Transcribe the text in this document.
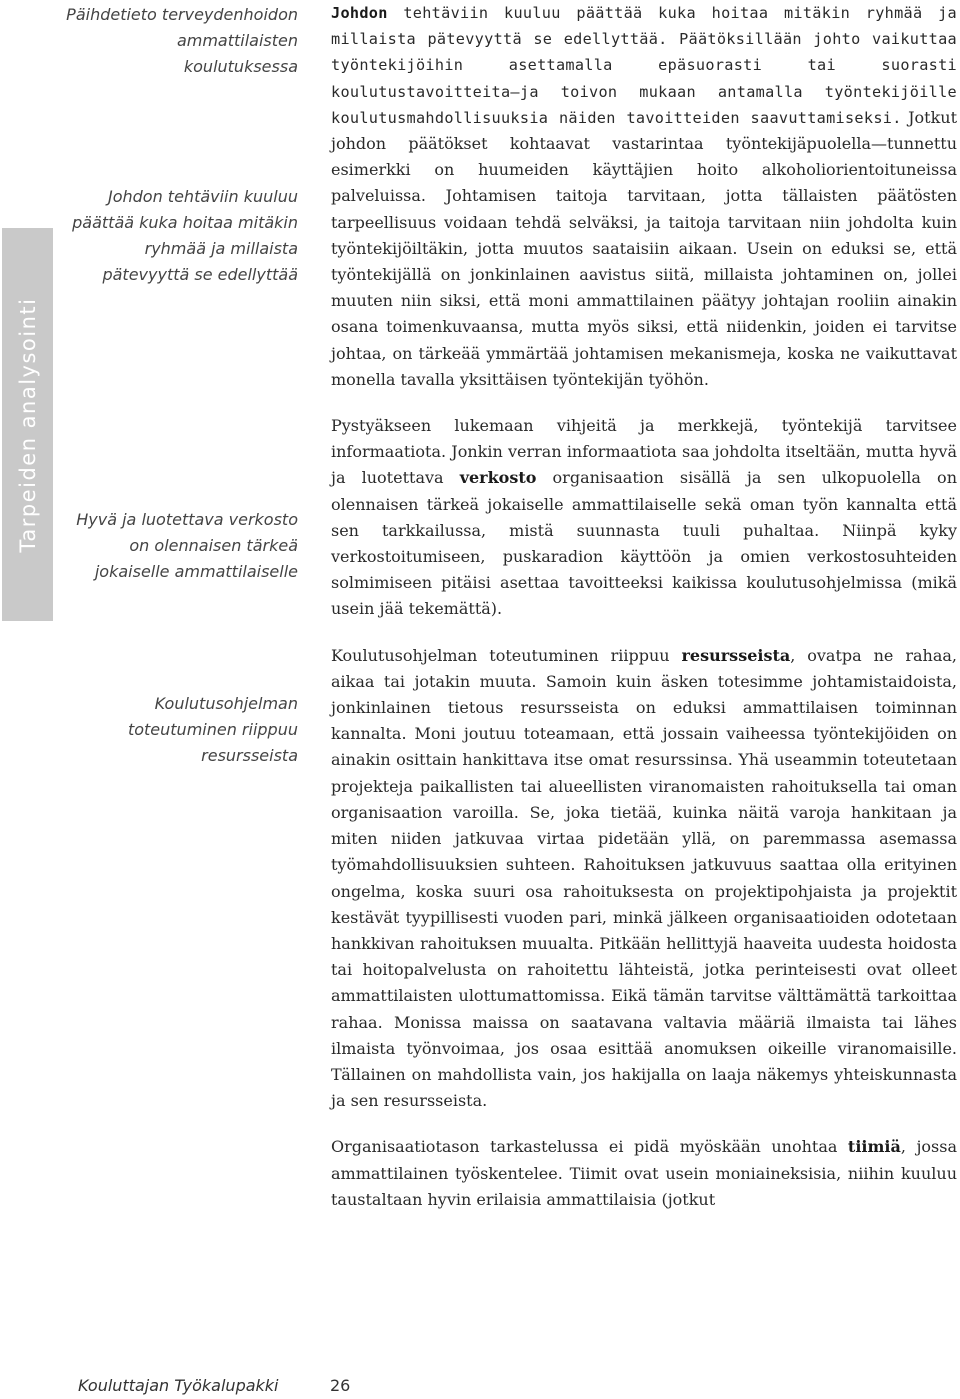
Tarpeiden analysointi

Päihdetieto terveydenhoidon ammattilaisten koulutuksessa

Johdon tehtäviin kuuluu päättää kuka hoitaa mitäkin ryhmää ja millaista pätevyyttä se edellyttää

Hyvä ja luotettava verkosto on olennaisen tärkeä jokaiselle ammattilaiselle

Koulutusohjelman toteutuminen riippuu resursseista

Johdon tehtäviin kuuluu päättää kuka hoitaa mitäkin ryhmää ja millaista pätevyyttä se edellyttää. Päätöksillään johto vaikuttaa työntekijöihin asettamalla epäsuorasti tai suorasti koulutustavoitteita—ja toivon mukaan antamalla työntekijöille koulutusmahdollisuuksia näiden tavoitteiden saavuttamiseksi. Jotkut johdon päätökset kohtaavat vastarintaa työntekijäpuolella—tunnettu esimerkki on huumeiden käyttäjien hoito alkoholiorientoituneissa palveluissa. Johtamisen taitoja tarvitaan, jotta tällaisten päätösten tarpeellisuus voidaan tehdä selväksi, ja taitoja tarvitaan niin johdolta kuin työntekijöiltäkin, jotta muutos saataisiin aikaan. Usein on eduksi se, että työntekijällä on jonkinlainen aavistus siitä, millaista johtaminen on, jollei muuten niin siksi, että moni ammattilainen päätyy johtajan rooliin ainakin osana toimenkuvaansa, mutta myös siksi, että niidenkin, joiden ei tarvitse johtaa, on tärkeää ymmärtää johtamisen mekanismeja, koska ne vaikuttavat monella tavalla yksittäisen työntekijän työhön.

Pystyäkseen lukemaan vihjeitä ja merkkejä, työntekijä tarvitsee informaatiota. Jonkin verran informaatiota saa johdolta itseltään, mutta hyvä ja luotettava verkosto organisaation sisällä ja sen ulkopuolella on olennaisen tärkeä jokaiselle ammattilaiselle sekä oman työn kannalta että sen tarkkailussa, mistä suunnasta tuuli puhaltaa. Niinpä kyky verkostoitumiseen, puskaradion käyttöön ja omien verkostosuhteiden solmimiseen pitäisi asettaa tavoitteeksi kaikissa koulutusohjelmissa (mikä usein jää tekemättä).

Koulutusohjelman toteutuminen riippuu resursseista, ovatpa ne rahaa, aikaa tai jotakin muuta. Samoin kuin äsken totesimme johtamistaidoista, jonkinlainen tietous resursseista on eduksi ammattilaisen toiminnan kannalta. Moni joutuu toteamaan, että jossain vaiheessa työntekijöiden on ainakin osittain hankittava itse omat resurssinsa. Yhä useammin toteutetaan projekteja paikallisten tai alueellisten viranomaisten rahoituksella tai oman organisaation varoilla. Se, joka tietää, kuinka näitä varoja hankitaan ja miten niiden jatkuvaa virtaa pidetään yllä, on paremmassa asemassa työmahdollisuuksien suhteen. Rahoituksen jatkuvuus saattaa olla erityinen ongelma, koska suuri osa rahoituksesta on projektipohjaista ja projektit kestävät tyypillisesti vuoden pari, minkä jälkeen organisaatioiden odotetaan hankkivan rahoituksen muualta. Pitkään hellittyjä haaveita uudesta hoidosta tai hoitopalvelusta on rahoitettu lähteistä, jotka perinteisesti ovat olleet ammattilaisten ulottumattomissa. Eikä tämän tarvitse välttämättä tarkoittaa rahaa. Monissa maissa on saatavana valtavia määriä ilmaista tai lähes ilmaista työnvoimaa, jos osaa esittää anomuksen oikeille viranomaisille. Tällainen on mahdollista vain, jos hakijalla on laaja näkemys yhteiskunnasta ja sen resursseista.

Organisaatiotason tarkastelussa ei pidä myöskään unohtaa tiimiä, jossa ammattilainen työskentelee. Tiimit ovat usein moniaineksisia, niihin kuuluu taustaltaan hyvin erilaisia ammattilaisia (jotkut

Kouluttajan Työkalupakki	26
